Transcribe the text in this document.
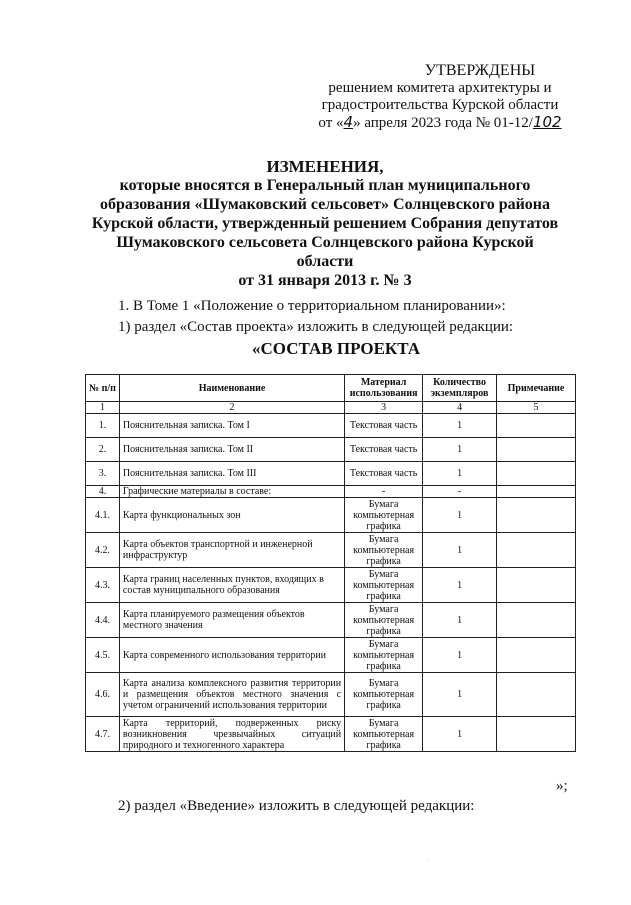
УТВЕРЖДЕНЫ
решением комитета архитектуры и
градостроительства Курской области
от «4» апреля 2023 года № 01-12/102
ИЗМЕНЕНИЯ,
которые вносятся в Генеральный план муниципального
образования «Шумаковский сельсовет» Солнцевского района
Курской области, утвержденный решением Собрания депутатов
Шумаковского сельсовета Солнцевского района Курской области
от 31 января 2013 г. № 3
1. В Томе 1 «Положение о территориальном планировании»:
1) раздел «Состав проекта» изложить в следующей редакции:
«СОСТАВ ПРОЕКТА
№ п/п	Наименование	Материал использования	Количество экземпляров	Примечание
1	2	3	4	5
1.	Пояснительная записка. Том I	Текстовая часть	1	
2.	Пояснительная записка. Том II	Текстовая часть	1	
3.	Пояснительная записка. Том III	Текстовая часть	1	
4.	Графические материалы в составе:	-	-	
4.1.	Карта функциональных зон	Бумага компьютерная графика	1	
4.2.	Карта объектов транспортной и инженерной инфраструктур	Бумага компьютерная графика	1	
4.3.	Карта границ населенных пунктов, входящих в состав муниципального образования	Бумага компьютерная графика	1	
4.4.	Карта планируемого размещения объектов местного значения	Бумага компьютерная графика	1	
4.5.	Карта современного использования территории	Бумага компьютерная графика	1	
4.6.	Карта анализа комплексного развития территории и размещения объектов местного значения с учетом ограничений использования территории	Бумага компьютерная графика	1	
4.7.	Карта территорий, подверженных риску возникновения чрезвычайных ситуаций природного и техногенного характера	Бумага компьютерная графика	1	
»;
2) раздел «Введение» изложить в следующей редакции:
.
